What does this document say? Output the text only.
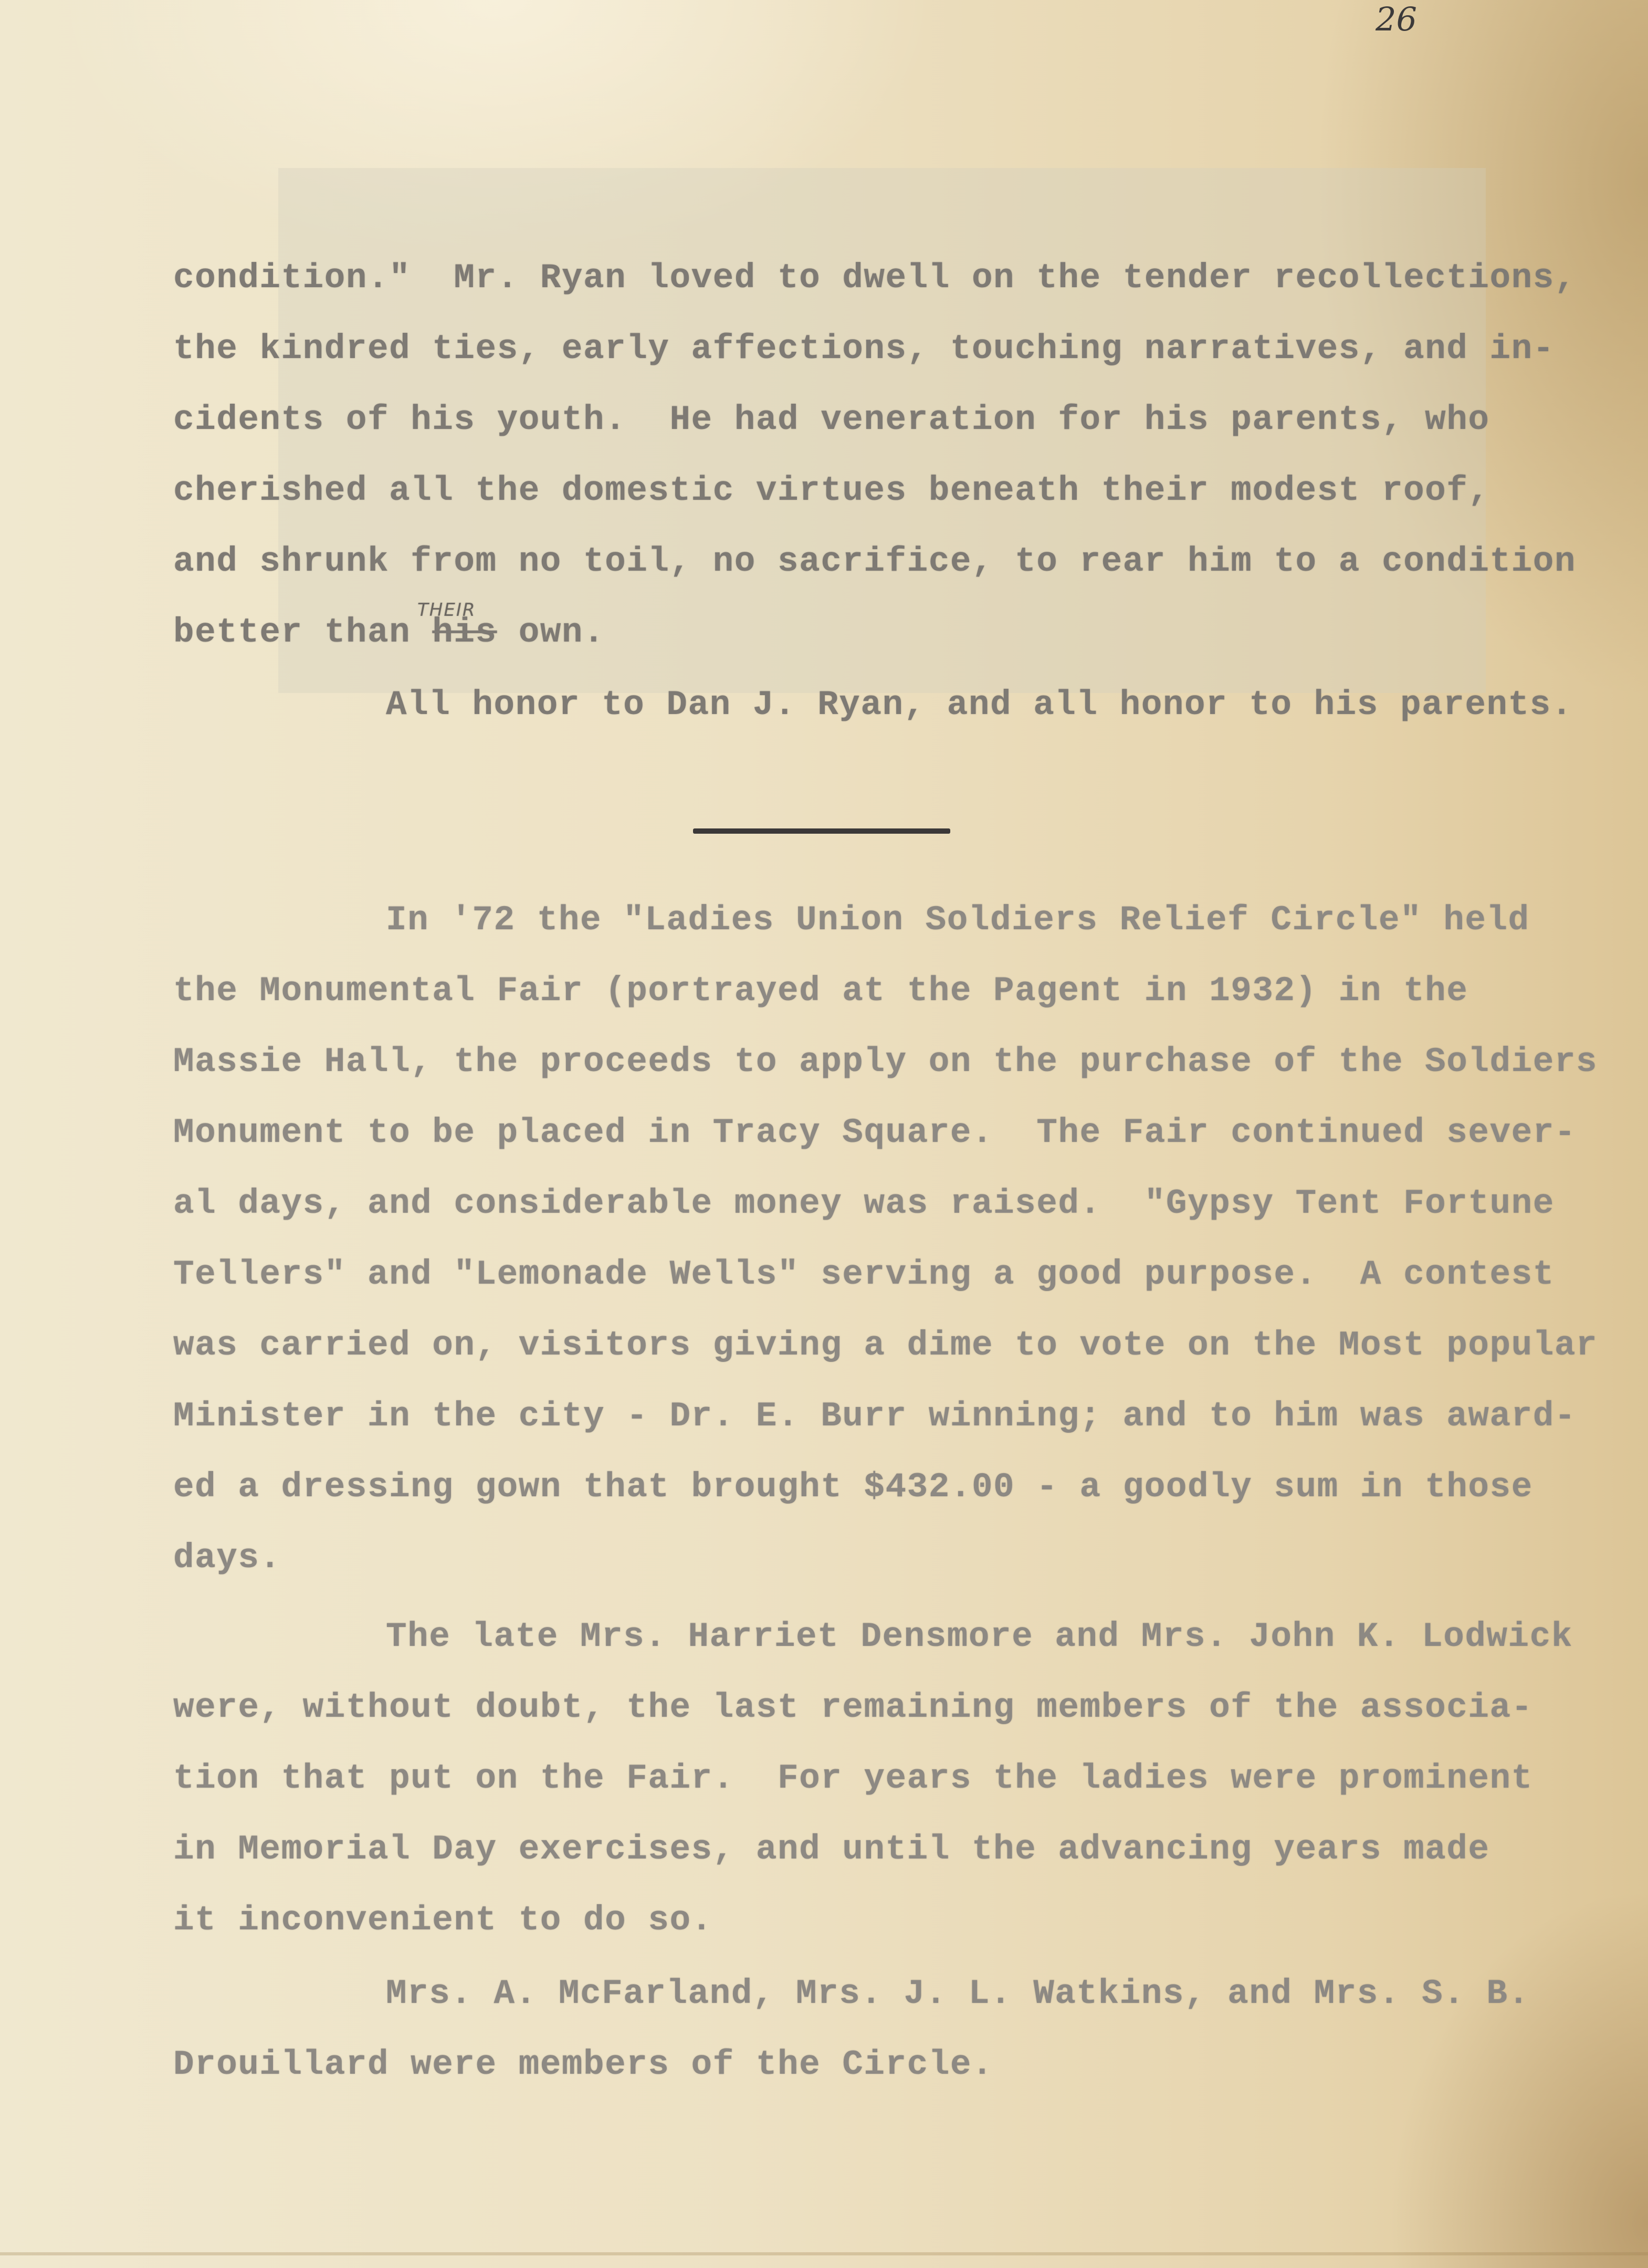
26
condition."  Mr. Ryan loved to dwell on the tender recollections,
the kindred ties, early affections, touching narratives, and in-
cidents of his youth.  He had veneration for his parents, who
cherished all the domestic virtues beneath their modest roof,
and shrunk from no toil, no sacrifice, to rear him to a condition
better than his own.
THEIR
All honor to Dan J. Ryan, and all honor to his parents.
In '72 the "Ladies Union Soldiers Relief Circle" held
the Monumental Fair (portrayed at the Pagent in 1932) in the
Massie Hall, the proceeds to apply on the purchase of the Soldiers
Monument to be placed in Tracy Square.  The Fair continued sever-
al days, and considerable money was raised.  "Gypsy Tent Fortune
Tellers" and "Lemonade Wells" serving a good purpose.  A contest
was carried on, visitors giving a dime to vote on the Most popular
Minister in the city - Dr. E. Burr winning; and to him was award-
ed a dressing gown that brought $432.00 - a goodly sum in those
days.
The late Mrs. Harriet Densmore and Mrs. John K. Lodwick
were, without doubt, the last remaining members of the associa-
tion that put on the Fair.  For years the ladies were prominent
in Memorial Day exercises, and until the advancing years made
it inconvenient to do so.
Mrs. A. McFarland, Mrs. J. L. Watkins, and Mrs. S. B.
Drouillard were members of the Circle.
